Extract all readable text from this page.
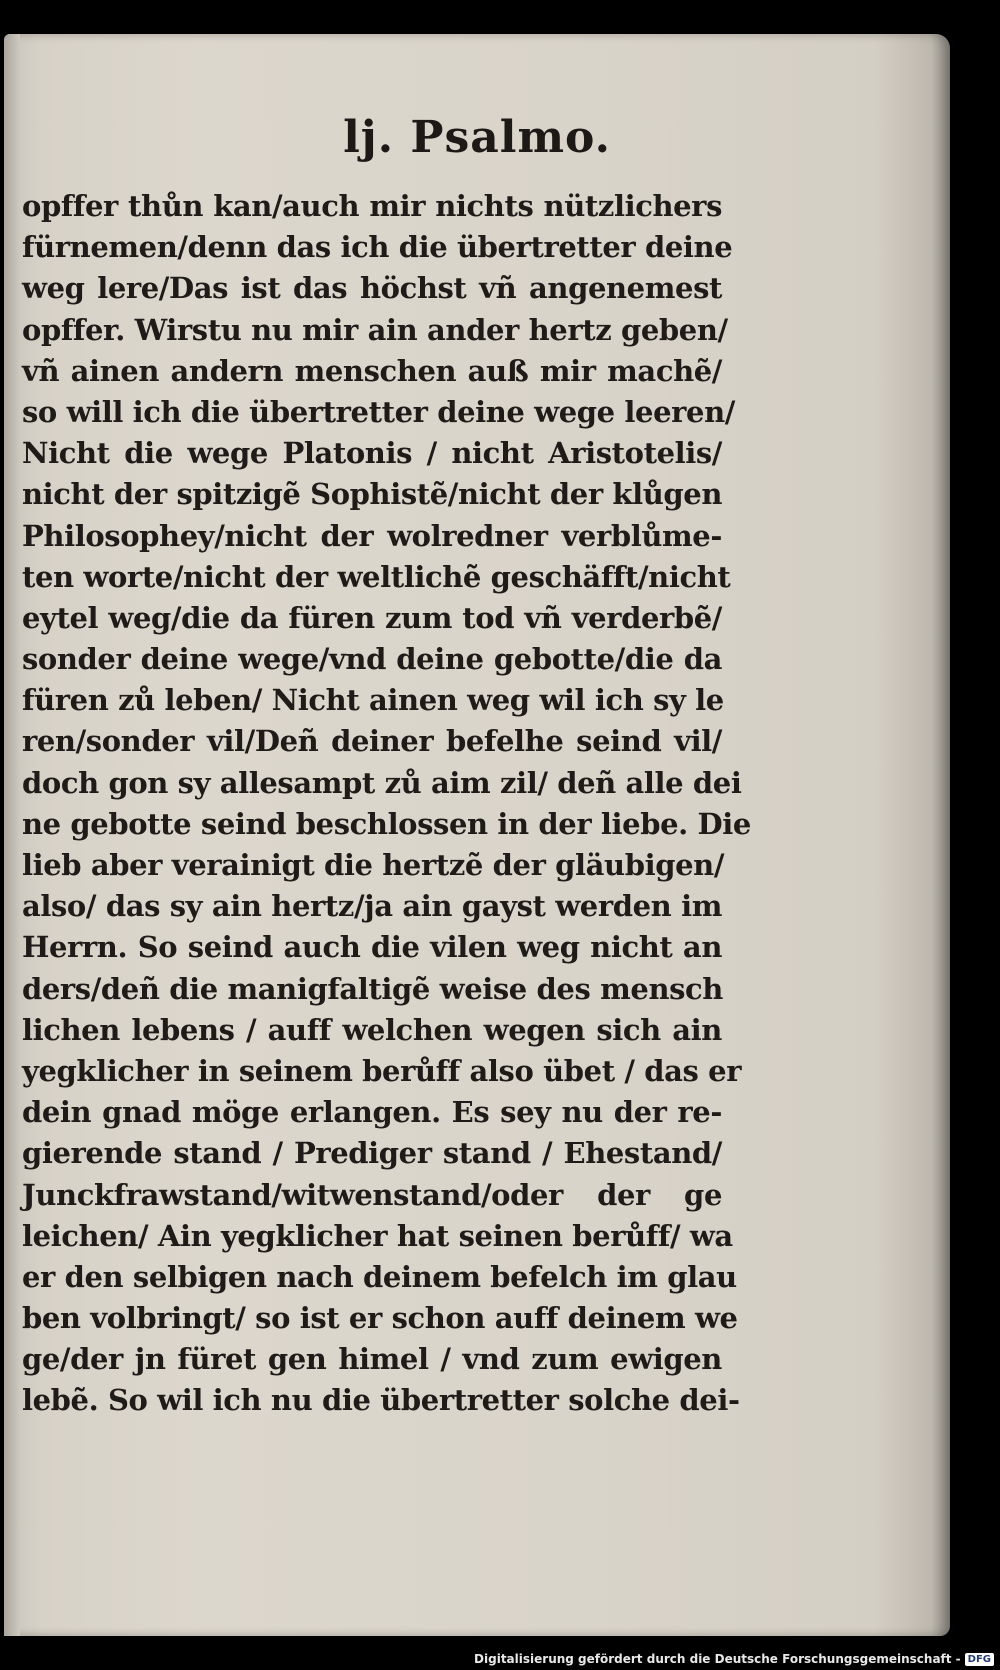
lj. Psalmo.
opffer thůn kan/auch mir nichts nützlichers
fürnemen/denn das ich die übertretter deine
weg lere/Das ist das höchst vñ angenemest
opffer. Wirstu nu mir ain ander hertz geben/
vñ ainen andern menschen auß mir machẽ/
so will ich die übertretter deine wege leeren/
Nicht die wege Platonis / nicht Aristotelis/
nicht der spitzigẽ Sophistẽ/nicht der klůgen
Philosophey/nicht der wolredner verblůme-
ten worte/nicht der weltlichẽ geschäfft/nicht
eytel weg/die da füren zum tod vñ verderbẽ/
sonder deine wege/vnd deine gebotte/die da
füren zů leben/ Nicht ainen weg wil ich sy le
ren/sonder vil/Deñ deiner befelhe seind vil/
doch gon sy allesampt zů aim zil/ deñ alle dei
ne gebotte seind beschlossen in der liebe. Die
lieb aber verainigt die hertzẽ der gläubigen/
also/ das sy ain hertz/ja ain gayst werden im
Herrn. So seind auch die vilen weg nicht an
ders/deñ die manigfaltigẽ weise des mensch
lichen lebens / auff welchen wegen sich ain
yegklicher in seinem berůff also übet / das er
dein gnad möge erlangen. Es sey nu der re-
gierende stand / Prediger stand / Ehestand/
Junckfrawstand/witwenstand/oder der ge
leichen/ Ain yegklicher hat seinen berůff/ wa
er den selbigen nach deinem befelch im glau
ben volbringt/ so ist er schon auff deinem we
ge/der jn füret gen himel / vnd zum ewigen
lebẽ. So wil ich nu die übertretter solche dei-
Digitalisierung gefördert durch die Deutsche Forschungsgemeinschaft - DFG
